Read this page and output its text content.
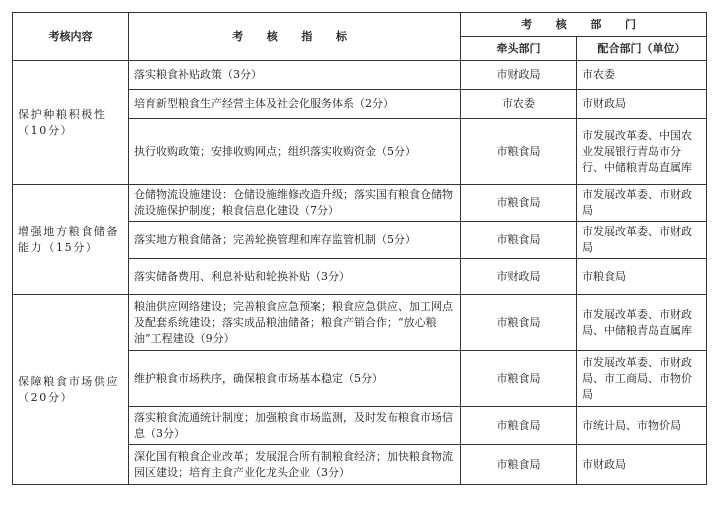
考核内容	考 核 指 标	考 核 部 门	
		牵头部门	配合部门（单位）
保护种粮积极性（10分）	落实粮食补贴政策（3分）	市财政局	市农委
	培育新型粮食生产经营主体及社会化服务体系（2分）	市农委	市财政局
	执行收购政策；安排收购网点；组织落实收购资金（5分）	市粮食局	市发展改革委、中国农业发展银行青岛市分行、中储粮青岛直属库
增强地方粮食储备能力（15分）	仓储物流设施建设：仓储设施维修改造升级；落实国有粮食仓储物流设施保护制度；粮食信息化建设（7分）	市粮食局	市发展改革委、市财政局
	落实地方粮食储备；完善轮换管理和库存监管机制（5分）	市粮食局	市发展改革委、市财政局
	落实储备费用、利息补贴和轮换补贴（3分）	市财政局	市粮食局
保障粮食市场供应（20分）	粮油供应网络建设；完善粮食应急预案；粮食应急供应、加工网点及配套系统建设；落实成品粮油储备；粮食产销合作；“放心粮油”工程建设（9分）	市粮食局	市发展改革委、市财政局、中储粮青岛直属库
	维护粮食市场秩序，确保粮食市场基本稳定（5分）	市粮食局	市发展改革委、市财政局、市工商局、市物价局
	落实粮食流通统计制度；加强粮食市场监测，及时发布粮食市场信息（3分）	市粮食局	市统计局、市物价局
	深化国有粮食企业改革；发展混合所有制粮食经济；加快粮食物流园区建设；培育主食产业化龙头企业（3分）	市粮食局	市财政局
